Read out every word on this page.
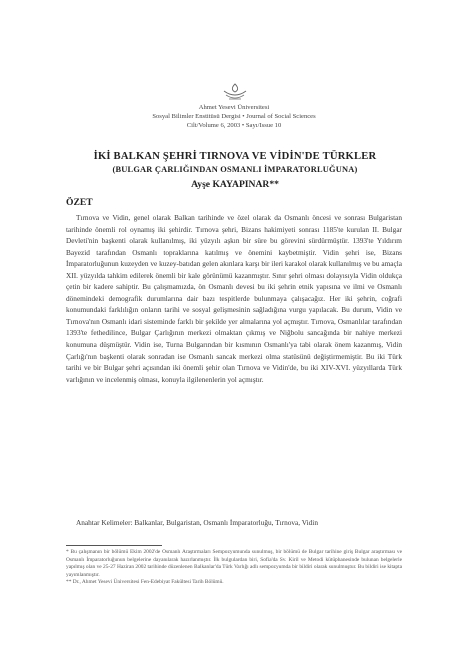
Ahmet Yesevi Üniversitesi
Sosyal Bilimler Enstitüsü Dergisi • Journal of Social Sciences
Cilt/Volume 6, 2003 • Sayı/Issue 10
İKİ BALKAN ŞEHRİ TIRNOVA VE VİDİN'DE TÜRKLER
(BULGAR ÇARLIĞINDAN OSMANLI İMPARATORLUĞUNA)
Ayşe KAYAPINAR**
ÖZET

Tırnova ve Vidin, genel olarak Balkan tarihinde ve özel olarak da Osmanlı öncesi ve sonrası Bulgaristan tarihinde önemli rol oynamış iki şehirdir. Tırnova şehri, Bizans hakimiyeti sonrası 1185'te kurulan II. Bulgar Devleti'nin başkenti olarak kullanılmış, iki yüzyılı aşkın bir süre bu görevini sürdürmüştür. 1393'te Yıldırım Bayezid tarafından Osmanlı topraklarına katılmış ve önemini kaybetmiştir. Vidin şehri ise, Bizans İmparatorluğunun kuzeyden ve kuzey-batıdan gelen akınlara karşı bir ileri karakol olarak kullanılmış ve bu amaçla XII. yüzyılda tahkim edilerek önemli bir kale görünümü kazanmıştır. Sınır şehri olması dolayısıyla Vidin oldukça çetin bir kadere sahiptir. Bu çalışmamızda, ön Osmanlı devesi bu iki şehrin etnik yapısına ve ilmi ve Osmanlı dönemindeki demografik durumlarına dair bazı tespitlerde bulunmaya çalışacağız. Her iki şehrin, coğrafi konumundaki farklılığın onların tarihi ve sosyal gelişmesinin sağladığına vurgu yapılacak. Bu durum, Vidin ve Tırnova'nın Osmanlı idari sisteminde farklı bir şekilde yer almalarına yol açmıştır. Tırnova, Osmanlılar tarafından 1393'te fethedilince, Bulgar Çarlığının merkezi olmaktan çıkmış ve Niğbolu sancağında bir nahiye merkezi konumuna düşmüştür. Vidin ise, Turna Bulgarından bir kısmının Osmanlı'ya tabi olarak önem kazanmış, Vidin Çarlığı'nın başkenti olarak sonradan ise Osmanlı sancak merkezi olma statüsünü değiştirmemiştir. Bu iki Türk tarihi ve bir Bulgar şehri açısından iki önemli şehir olan Tırnova ve Vidin'de, bu iki XIV-XVI. yüzyıllarda Türk varlığının ve incelenmiş olması, konuyla ilgilenenlerin yol açmıştır.

Anahtar Kelimeler: Balkanlar, Bulgaristan, Osmanlı İmparatorluğu, Tırnova, Vidin

* Bu çalışmanın bir bölümü Ekim 2002'de Osmanlı Araştırmaları Sempozyumunda sunulmuş, bir bölümü de Bulgar tarihine giriş Bulgar araştırması ve Osmanlı İmparatorluğunun belgelerine dayanılarak hazırlanmıştır. İlk bulgulardan biri, Sofia'da Sv. Kiril ve Metodi kütüphanesinde bulunan belgelerle yapılmış olan ve 25-27 Haziran 2002 tarihinde düzenlenen Balkanlar'da Türk Varlığı adlı sempozyumda bir bildiri olarak sunulmuştur. Bu bildiri ise kitapta yayımlanmıştır.

** Dr., Ahmet Yesevi Üniversitesi Fen-Edebiyat Fakültesi Tarih Bölümü.
